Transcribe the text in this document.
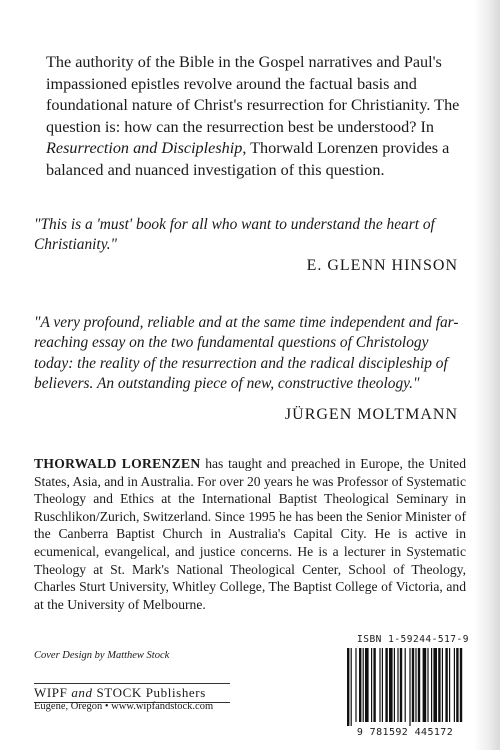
The authority of the Bible in the Gospel narratives and Paul's impassioned epistles revolve around the factual basis and foundational nature of Christ's resurrection for Christianity. The question is: how can the resurrection best be understood? In Resurrection and Discipleship, Thorwald Lorenzen provides a balanced and nuanced investigation of this question.

"This is a 'must' book for all who want to understand the heart of Christianity."

E. GLENN HINSON

"A very profound, reliable and at the same time independent and far-reaching essay on the two fundamental questions of Christology today: the reality of the resurrection and the radical discipleship of believers. An outstanding piece of new, constructive theology."

JÜRGEN MOLTMANN

THORWALD LORENZEN has taught and preached in Europe, the United States, Asia, and in Australia. For over 20 years he was Professor of Systematic Theology and Ethics at the International Baptist Theological Seminary in Ruschlikon/Zurich, Switzerland. Since 1995 he has been the Senior Minister of the Canberra Baptist Church in Australia's Capital City. He is active in ecumenical, evangelical, and justice concerns. He is a lecturer in Systematic Theology at St. Mark's National Theological Center, School of Theology, Charles Sturt University, Whitley College, The Baptist College of Victoria, and at the University of Melbourne.

Cover Design by Matthew Stock
WIPF and STOCK Publishers
Eugene, Oregon • www.wipfandstock.com
ISBN 1-59244-517-9
9 781592 445172
